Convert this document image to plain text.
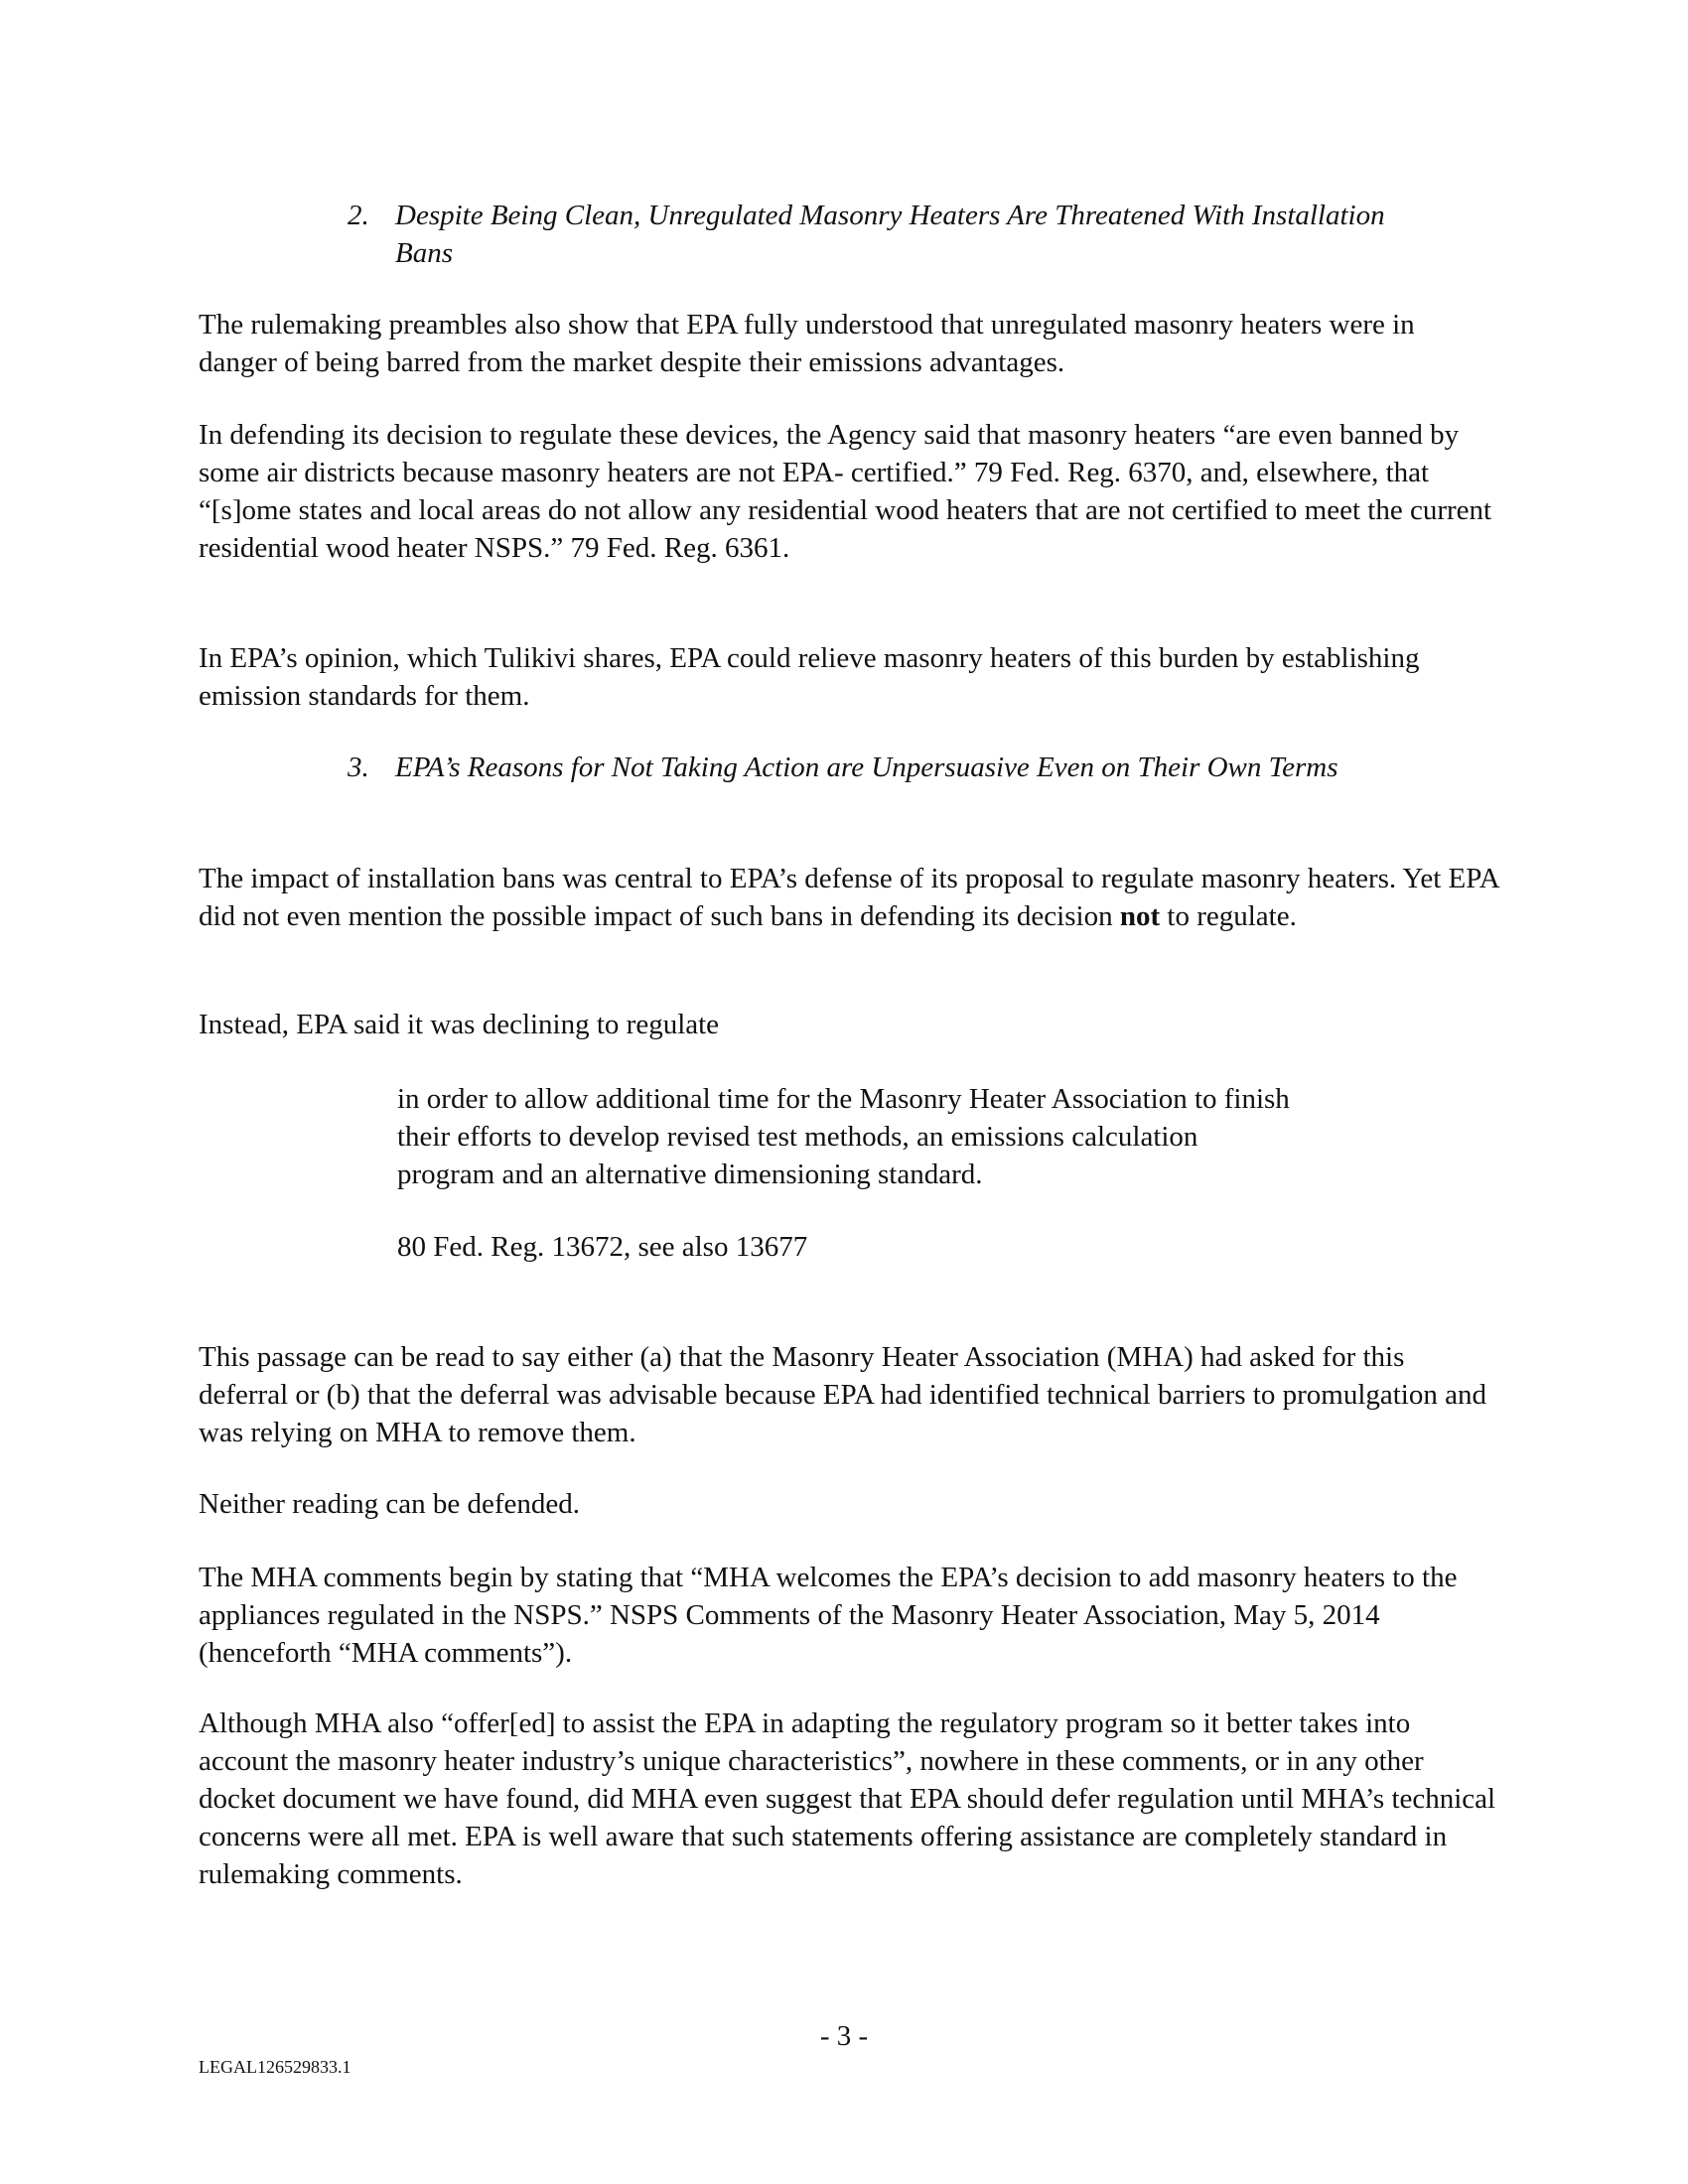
2. Despite Being Clean, Unregulated Masonry Heaters Are Threatened With Installation Bans

The rulemaking preambles also show that EPA fully understood that unregulated masonry heaters were in danger of being barred from the market despite their emissions advantages.

In defending its decision to regulate these devices, the Agency said that masonry heaters “are even banned by some air districts because masonry heaters are not EPA- certified.” 79 Fed. Reg. 6370, and, elsewhere, that “[s]ome states and local areas do not allow any residential wood heaters that are not certified to meet the current residential wood heater NSPS.” 79 Fed. Reg. 6361.

In EPA’s opinion, which Tulikivi shares, EPA could relieve masonry heaters of this burden by establishing emission standards for them.

3. EPA’s Reasons for Not Taking Action are Unpersuasive Even on Their Own Terms

The impact of installation bans was central to EPA’s defense of its proposal to regulate masonry heaters. Yet EPA did not even mention the possible impact of such bans in defending its decision not to regulate.

Instead, EPA said it was declining to regulate

in order to allow additional time for the Masonry Heater Association to finish their efforts to develop revised test methods, an emissions calculation program and an alternative dimensioning standard.

80 Fed. Reg. 13672, see also 13677

This passage can be read to say either (a) that the Masonry Heater Association (MHA) had asked for this deferral or (b) that the deferral was advisable because EPA had identified technical barriers to promulgation and was relying on MHA to remove them.

Neither reading can be defended.

The MHA comments begin by stating that “MHA welcomes the EPA’s decision to add masonry heaters to the appliances regulated in the NSPS.” NSPS Comments of the Masonry Heater Association, May 5, 2014 (henceforth “MHA comments”).

Although MHA also “offer[ed] to assist the EPA in adapting the regulatory program so it better takes into account the masonry heater industry’s unique characteristics”, nowhere in these comments, or in any other docket document we have found, did MHA even suggest that EPA should defer regulation until MHA’s technical concerns were all met. EPA is well aware that such statements offering assistance are completely standard in rulemaking comments.

- 3 -
LEGAL126529833.1
